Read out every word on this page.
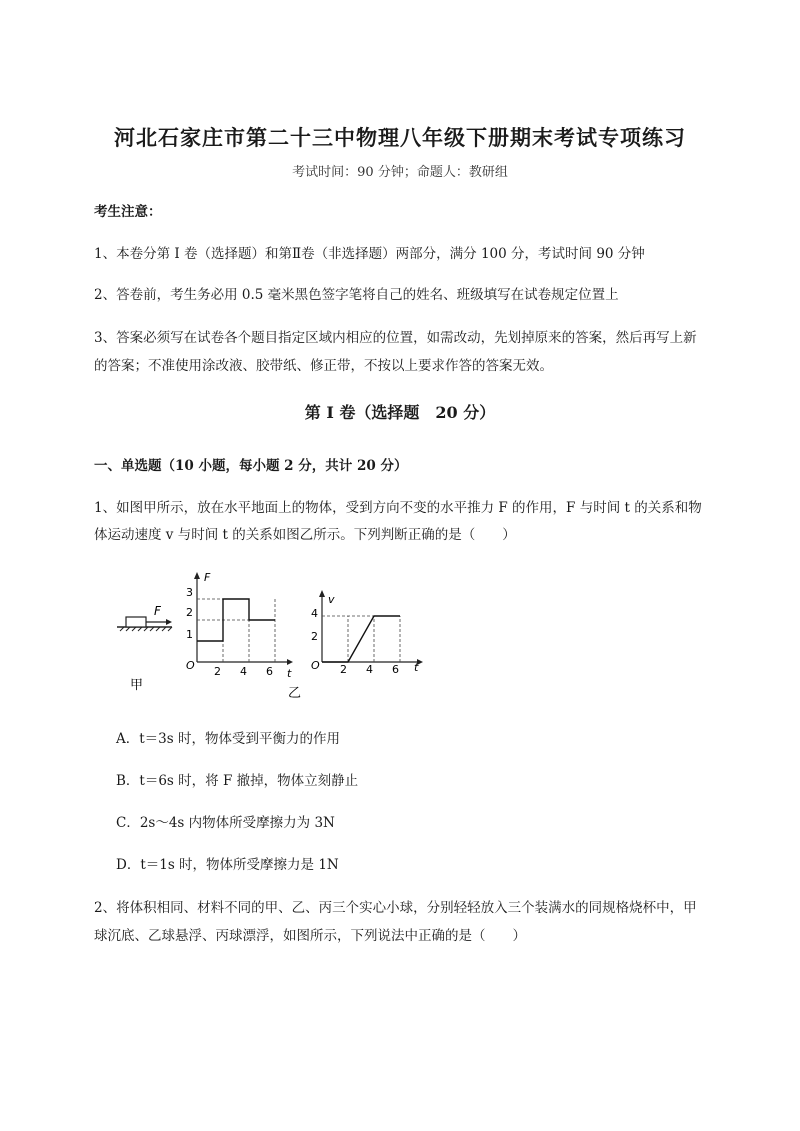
河北石家庄市第二十三中物理八年级下册期末考试专项练习
考试时间：90 分钟；命题人：教研组
考生注意：
1、本卷分第 I 卷（选择题）和第Ⅱ卷（非选择题）两部分，满分 100 分，考试时间 90 分钟
2、答卷前，考生务必用 0.5 毫米黑色签字笔将自己的姓名、班级填写在试卷规定位置上
3、答案必须写在试卷各个题目指定区域内相应的位置，如需改动，先划掉原来的答案，然后再写上新
的答案；不准使用涂改液、胶带纸、修正带，不按以上要求作答的答案无效。
第 I 卷（选择题　20 分）
一、单选题（10 小题，每小题 2 分，共计 20 分）
1、如图甲所示，放在水平地面上的物体，受到方向不变的水平推力 F 的作用，F 与时间 t 的关系和物
体运动速度 v 与时间 t 的关系如图乙所示。下列判断正确的是（　　）
F
甲
F
t
O 2 4 6
1
2
3
v
t
O 2 4 6
2
4
乙
A．t＝3s 时，物体受到平衡力的作用
B．t＝6s 时，将 F 撤掉，物体立刻静止
C．2s～4s 内物体所受摩擦力为 3N
D．t＝1s 时，物体所受摩擦力是 1N
2、将体积相同、材料不同的甲、乙、丙三个实心小球，分别轻轻放入三个装满水的同规格烧杯中，甲
球沉底、乙球悬浮、丙球漂浮，如图所示，下列说法中正确的是（　　）
